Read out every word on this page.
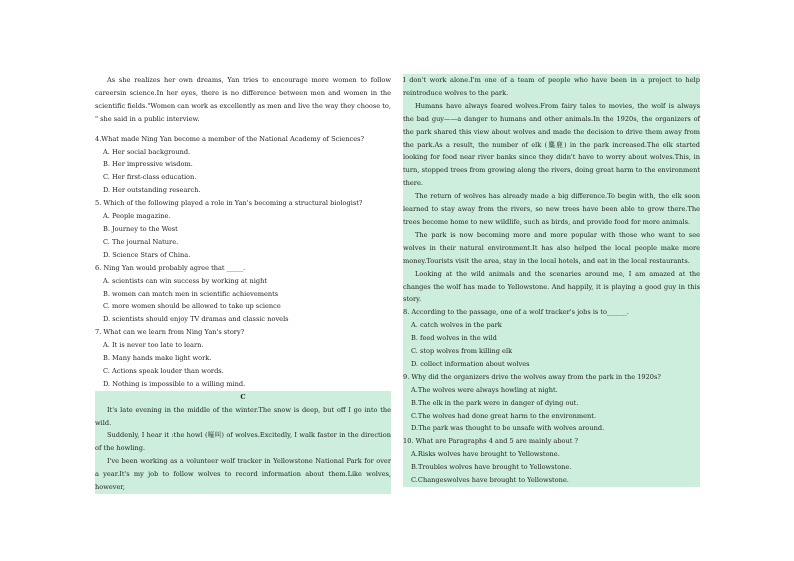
As she realizes her own dreams, Yan tries to encourage more women to follow careersin science.In her eyes, there is no difference between men and women in the scientific fields."Women can work as excellently as men and live the way they choose to, " she said in a public interview.

4.What made Ning Yan become a member of the National Academy of Sciences?

A. Her social background.

B. Her impressive wisdom.

C. Her first-class education.

D. Her outstanding research.

5. Which of the following played a role in Yan's becoming a structural biologist?

A. People magazine.

B. Journey to the West

C. The journal Nature.

D. Science Stars of China.

6. Ning Yan would probably agree that _____.

A. scientists can win success by working at night

B. women can match men in scientific achievements

C. more women should be allowed to take up science

D. scientists should enjoy TV dramas and classic novels

7. What can we learn from Ning Yan's story?

A. It is never too late to learn.

B. Many hands make light work.

C. Actions speak louder than words.

D. Nothing is impossible to a willing mind.

C

It's late evening in the middle of the winter.The snow is deep, but off I go into the wild.

Suddenly, I hear it :the howl (嚎叫) of wolves.Excitedly, I walk faster in the direction of the howling.

I've been working as a volunteer wolf tracker in Yellowstone National Park for over a year.It's my job to follow wolves to record information about them.Like wolves, however,

I don't work alone.I'm one of a team of people who have been in a project to help reintroduce wolves to the park.

Humans have always feared wolves.From fairy tales to movies, the wolf is always the bad guy——a danger to humans and other animals.In the 1920s, the organizers of the park shared this view about wolves and made the decision to drive them away from the park.As a result, the number of elk (麋鹿) in the park increased.The elk started looking for food near river banks since they didn't have to worry about wolves.This, in turn, stopped trees from growing along the rivers, doing great harm to the environment there.

The return of wolves has already made a big difference.To begin with, the elk soon learned to stay away from the rivers, so new trees have been able to grow there.The trees become home to new wildlife, such as birds, and provide food for more animals.

The park is now becoming more and more popular with those who want to see wolves in their natural environment.It has also helped the local people make more money.Tourists visit the area, stay in the local hotels, and eat in the local restaurants.

Looking at the wild animals and the scenaries around me, I am amazed at the changes the wolf has made to Yellowstone. And happily, it is playing a good guy in this story.

8. According to the passage, one of a wolf tracker's jobs is to______.

A. catch wolves in the park

B. feed wolves in the wild

C. stop wolves from killing elk

D. collect information about wolves

9. Why did the organizers drive the wolves away from the park in the 1920s?

A.The wolves were always howling at night.

B.The elk in the park were in danger of dying out.

C.The wolves had done great harm to the environment.

D.The park was thought to be unsafe with wolves around.

10. What are Paragraphs 4 and 5 are mainly about ?

A.Risks wolves have brought to Yellowstone.

B.Troubles wolves have brought to Yellowstone.

C.Changeswolves have brought to Yellowstone.
